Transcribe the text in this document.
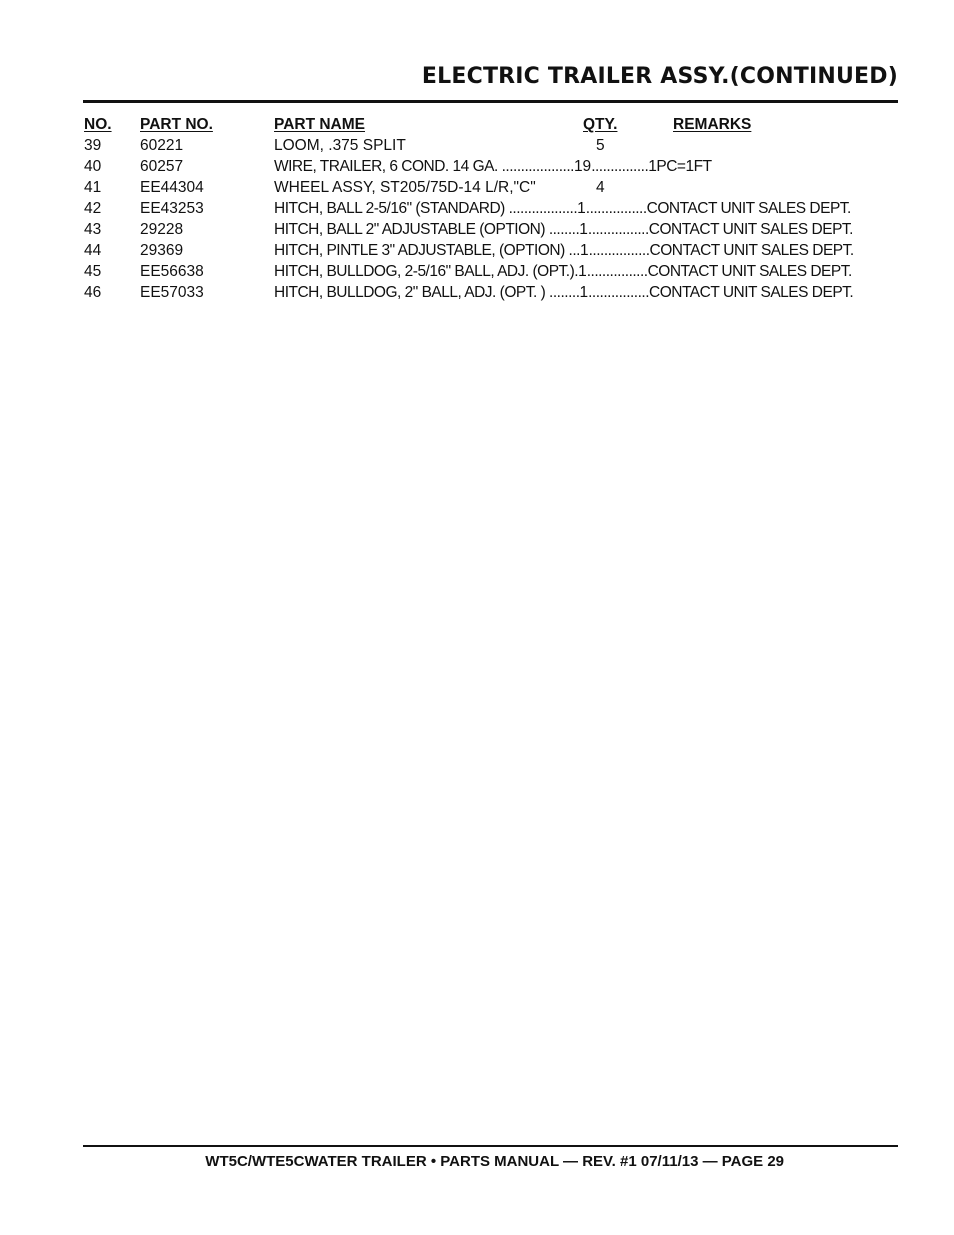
ELECTRIC TRAILER ASSY.(CONTINUED)
NO. PART NO.	PART NAME	QTY.	REMARKS
39	60221	LOOM, .375 SPLIT	5
40	60257	WIRE, TRAILER, 6 COND. 14 GA. ...................19...............1PC=1FT
41	EE44304	WHEEL ASSY, ST205/75D-14 L/R,"C"	4
42	EE43253	HITCH, BALL 2-5/16" (STANDARD) ..................1................CONTACT UNIT SALES DEPT.
43	29228	HITCH, BALL 2" ADJUSTABLE (OPTION) ........1................CONTACT UNIT SALES DEPT.
44	29369	HITCH, PINTLE 3" ADJUSTABLE, (OPTION) ...1................CONTACT UNIT SALES DEPT.
45	EE56638	HITCH, BULLDOG, 2-5/16" BALL, ADJ. (OPT.).1................CONTACT UNIT SALES DEPT.
46	EE57033	HITCH, BULLDOG, 2" BALL, ADJ. (OPT. ) ........1................CONTACT UNIT SALES DEPT.
WT5C/WTE5CWATER TRAILER • PARTS MANUAL — REV. #1 07/11/13 — PAGE 29
